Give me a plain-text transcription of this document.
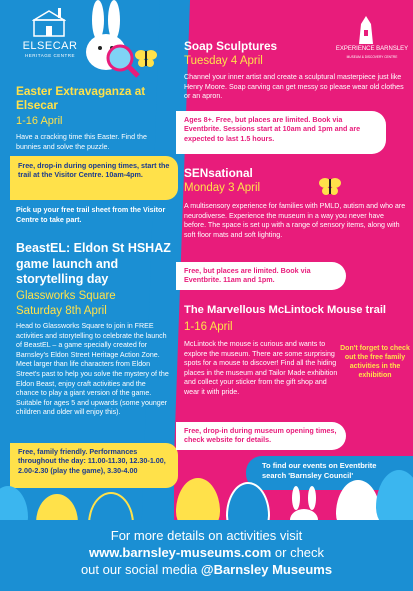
ELSECAR
HERITAGE CENTRE
Easter Extravaganza at Elsecar
1-16 April
Have a cracking time this Easter. Find the bunnies and solve the puzzle.
Free, drop-in during opening times, start the trail at the Visitor Centre. 10am-4pm.
Pick up your free trail sheet from the Visitor Centre to take part.
BeastEL: Eldon St HSHAZ game launch and storytelling day
Glassworks Square
Saturday 8th April
Head to Glassworks Square to join in FREE activities and storytelling to celebrate the launch of BeastEL – a game specially created for Barnsley's Eldon Street Heritage Action Zone. Meet larger than life characters from Eldon Street's past to help you solve the mystery of the Eldon Beast, enjoy craft activities and the chance to play a giant version of the game. Suitable for ages 5 and upwards (some younger children and older will enjoy this).
Free, family friendly. Performances throughout the day: 11.00-11.30, 12.30-1.00, 2.00-2.30 (play the game), 3.30-4.00
EXPERIENCE BARNSLEY
MUSEUM & DISCOVERY CENTRE
Soap Sculptures
Tuesday 4 April
Channel your inner artist and create a sculptural masterpiece just like Henry Moore. Soap carving can get messy so please wear old clothes or an apron.
Ages 8+. Free, but places are limited. Book via Eventbrite. Sessions start at 10am and 1pm and are expected to last 1.5 hours.
SENsational
Monday 3 April
A multisensory experience for families with PMLD, autism and who are neurodiverse. Experience the museum in a way you never have before. The space is set up with a range of sensory items, along with soft floor mats and soft lighting.
Free, but places are limited. Book via Eventbrite. 11am and 1pm.
The Marvellous McLintock Mouse trail
1-16 April
McLintock the mouse is curious and wants to explore the museum. There are some surprising spots for a mouse to discover! Find all the hiding places in the museum and Tailor Made exhibition and collect your sticker from the gift shop and wear it with pride.
Don't forget to check out the free family activities in the exhibition
Free, drop-in during museum opening times, check website for details.
To find our events on Eventbrite search 'Barnsley Council'
For more details on activities visit
www.barnsley-museums.com or check
out our social media @Barnsley Museums
